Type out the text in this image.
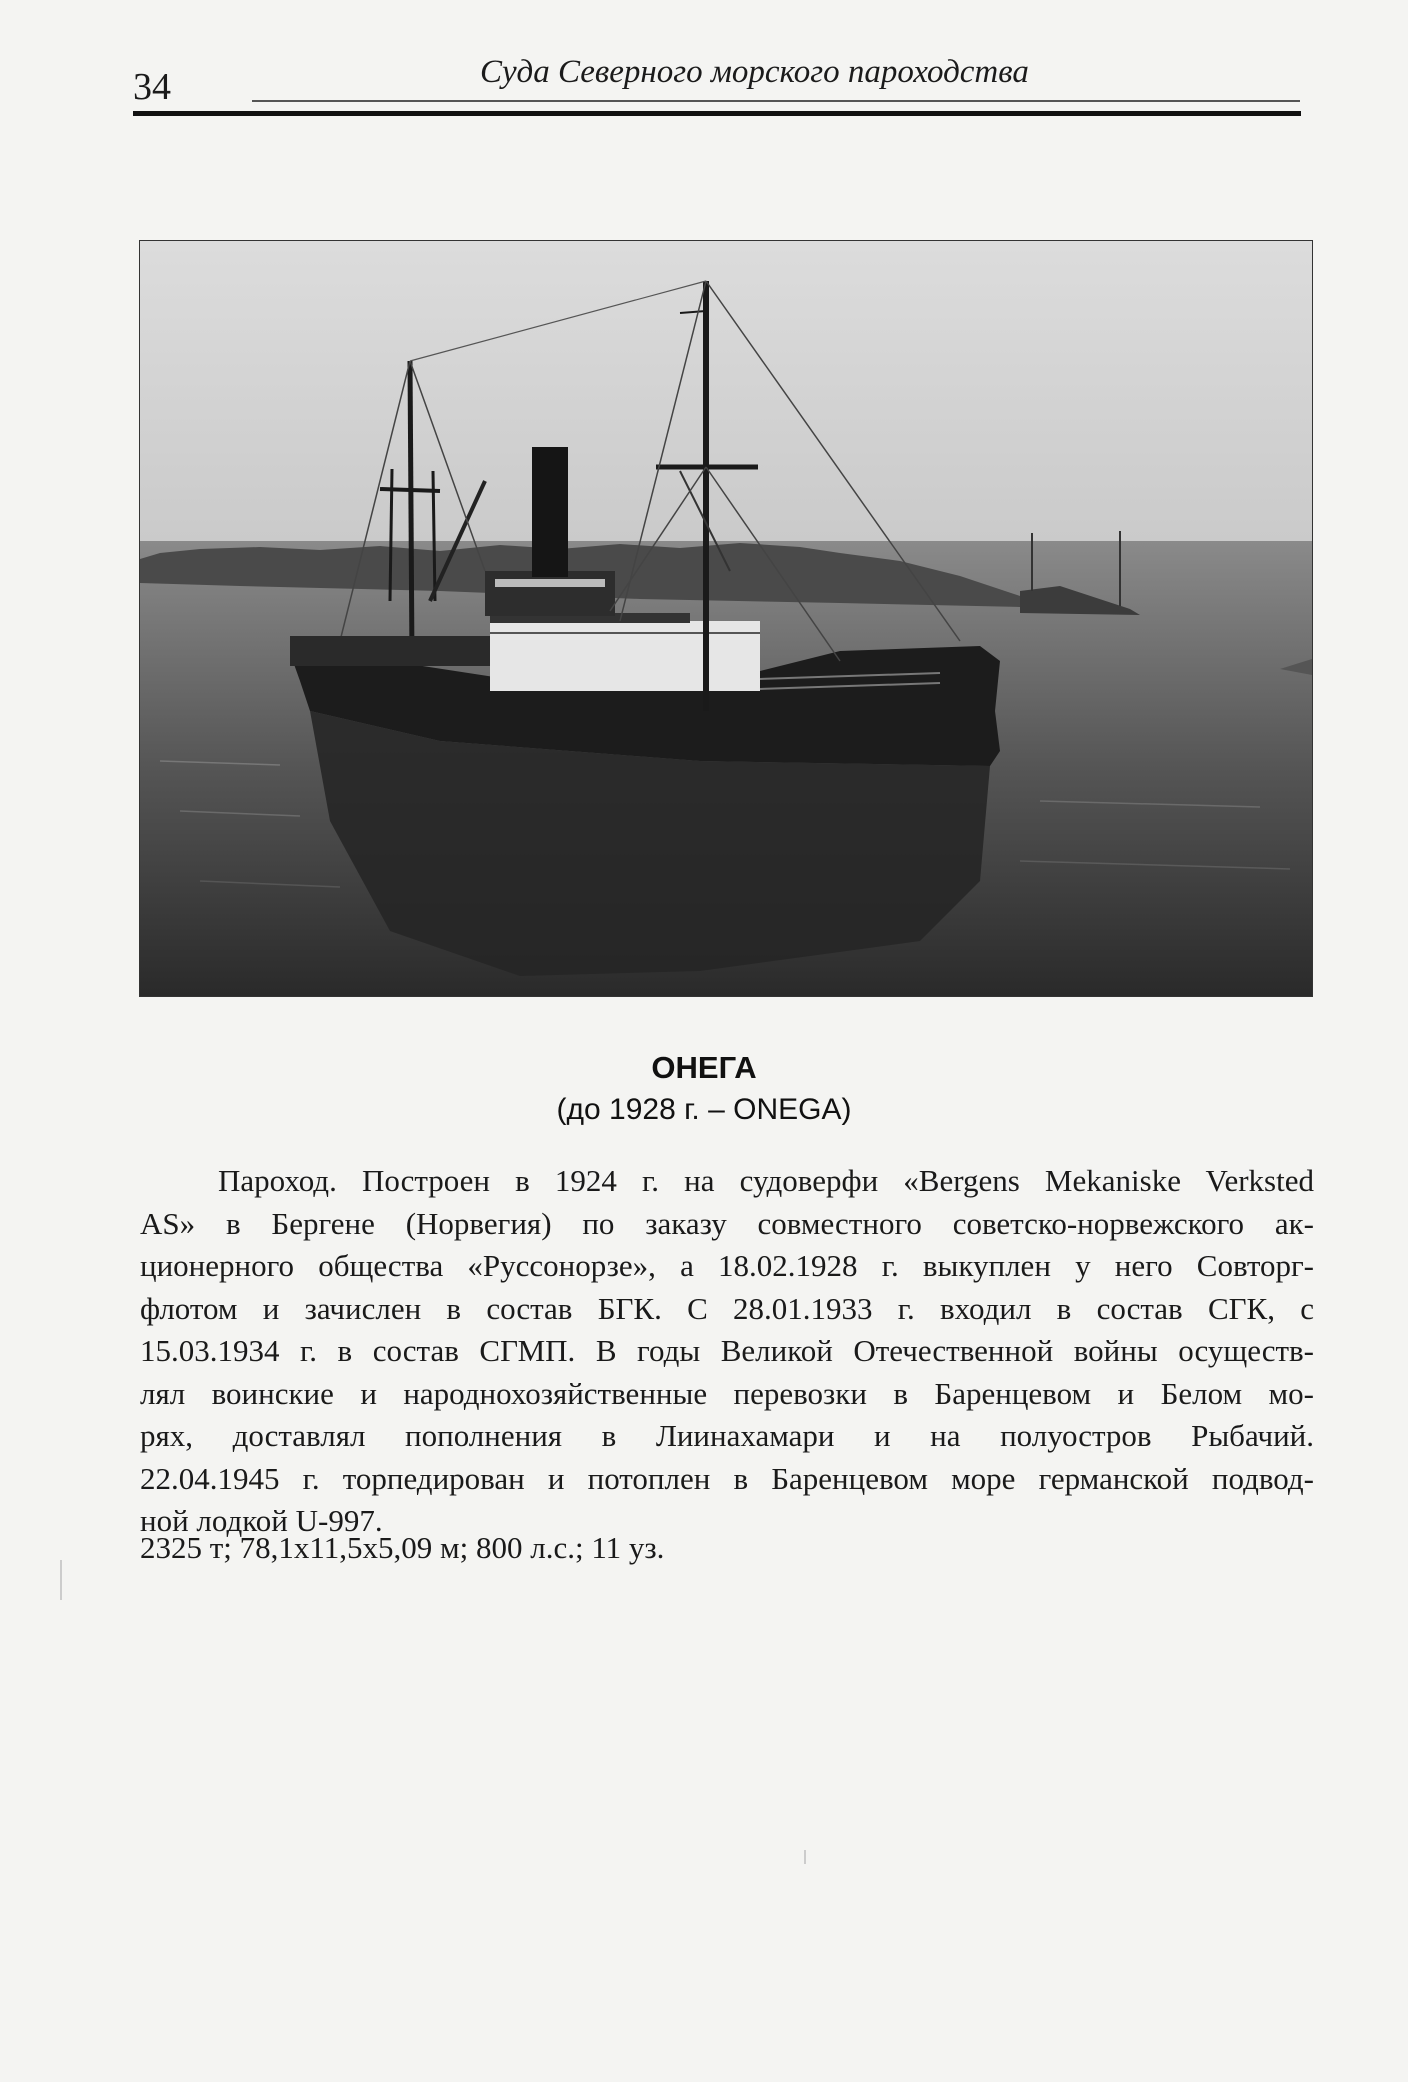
34	Суда Северного морского пароходства
ОНЕГА
(до 1928 г. – ONEGA)
Пароход. Построен в 1924 г. на судоверфи «Bergens Mekaniske Verksted
AS» в Бергене (Норвегия) по заказу совместного советско-норвежского ак-
ционерного общества «Руссонорзе», а 18.02.1928 г. выкуплен у него Совторг-
флотом и зачислен в состав БГК. С 28.01.1933 г. входил в состав СГК, с
15.03.1934 г. в состав СГМП. В годы Великой Отечественной войны осуществ-
лял воинские и народнохозяйственные перевозки в Баренцевом и Белом мо-
рях, доставлял пополнения в Лиинахамари и на полуостров Рыбачий.
22.04.1945 г. торпедирован и потоплен в Баренцевом море германской подвод-
ной лодкой U-997.
2325 т; 78,1х11,5х5,09 м; 800 л.с.; 11 уз.
